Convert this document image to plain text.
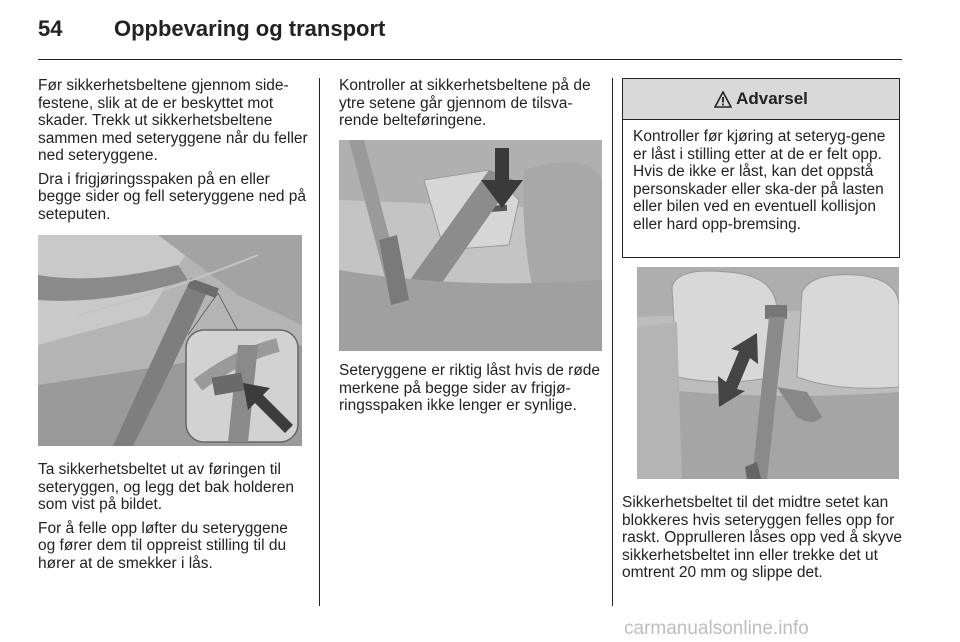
54 Oppbevaring og transport

Før sikkerhetsbeltene gjennom side-festene, slik at de er beskyttet mot skader. Trekk ut sikkerhetsbeltene sammen med seteryggene når du feller ned seteryggene.

Dra i frigjøringsspaken på en eller begge sider og fell seteryggene ned på seteputen.

Ta sikkerhetsbeltet ut av føringen til seteryggen, og legg det bak holderen som vist på bildet.

For å felle opp løfter du seteryggene og fører dem til oppreist stilling til du hører at de smekker i lås.

Kontroller at sikkerhetsbeltene på de ytre setene går gjennom de tilsva-rende belteføringene.

Seteryggene er riktig låst hvis de røde merkene på begge sider av frigjø-ringsspaken ikke lenger er synlige.

Advarsel
Kontroller før kjøring at seteryg-gene er låst i stilling etter at de er felt opp. Hvis de ikke er låst, kan det oppstå personskader eller ska-der på lasten eller bilen ved en eventuell kollisjon eller hard opp-bremsing.

Sikkerhetsbeltet til det midtre setet kan blokkeres hvis seteryggen felles opp for raskt. Opprulleren låses opp ved å skyve sikkerhetsbeltet inn eller trekke det ut omtrent 20 mm og slippe det.

carmanualsonline.info
